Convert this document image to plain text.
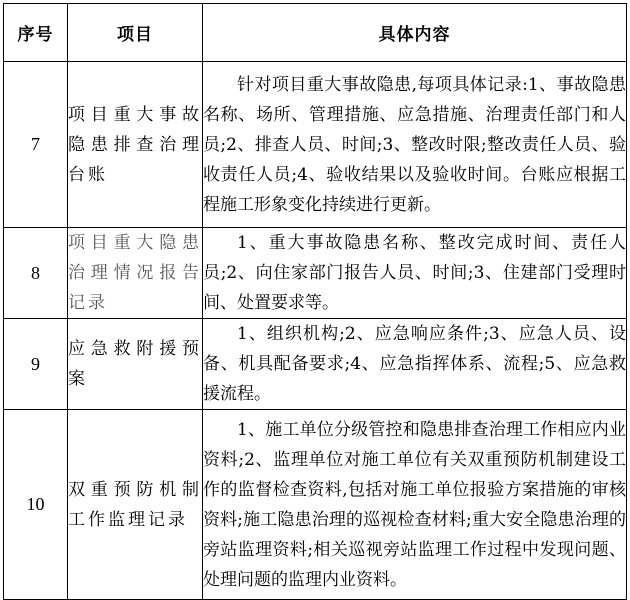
序号	项目	具体内容
7	项目重大事故隐患排查治理台账	针对项目重大事故隐患,每项具体记录:1、事故隐患名称、场所、管理措施、应急措施、治理责任部门和人员;2、排查人员、时间;3、整改时限;整改责任人员、验收责任人员;4、验收结果以及验收时间。台账应根据工程施工形象变化持续进行更新。
8	项目重大隐患治理情况报告记录	1、重大事故隐患名称、整改完成时间、责任人员;2、向住家部门报告人员、时间;3、住建部门受理时间、处置要求等。
9	应急救附援预案	1、组织机构;2、应急响应条件;3、应急人员、设备、机具配备要求;4、应急指挥体系、流程;5、应急救援流程。
10	双重预防机制工作监理记录	1、施工单位分级管控和隐患排查治理工作相应内业资料;2、监理单位对施工单位有关双重预防机制建设工作的监督检查资料,包括对施工单位报验方案措施的审核资料;施工隐患治理的巡视检查材料;重大安全隐患治理的旁站监理资料;相关巡视旁站监理工作过程中发现问题、处理问题的监理内业资料。
